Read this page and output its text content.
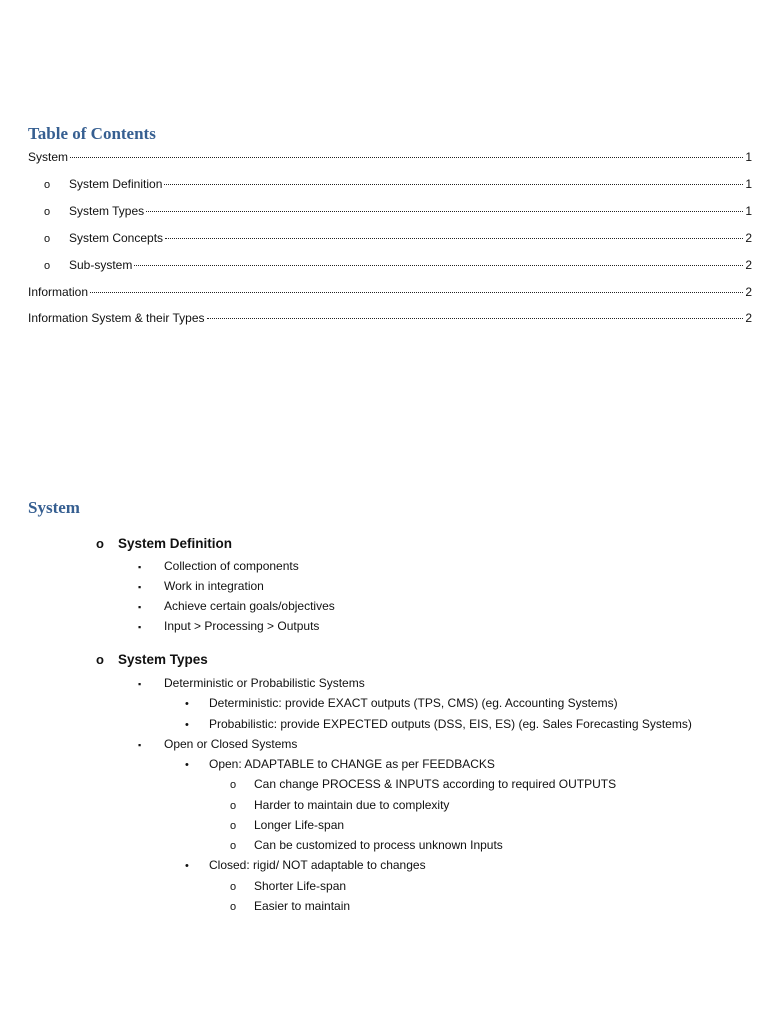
Table of Contents
System	1
o	System Definition	1
o	System Types	1
o	System Concepts	2
o	Sub-system	2
Information	2
Information System & their Types	2
System
o	System Definition
▪	Collection of components
▪	Work in integration
▪	Achieve certain goals/objectives
▪	Input > Processing > Outputs
o	System Types
▪	Deterministic or Probabilistic Systems
•	Deterministic: provide EXACT outputs (TPS, CMS) (eg. Accounting Systems)
•	Probabilistic: provide EXPECTED outputs (DSS, EIS, ES) (eg. Sales Forecasting Systems)
▪	Open or Closed Systems
•	Open: ADAPTABLE to CHANGE as per FEEDBACKS
o	Can change PROCESS & INPUTS according to required OUTPUTS
o	Harder to maintain due to complexity
o	Longer Life-span
o	Can be customized to process unknown Inputs
•	Closed: rigid/ NOT adaptable to changes
o	Shorter Life-span
o	Easier to maintain
